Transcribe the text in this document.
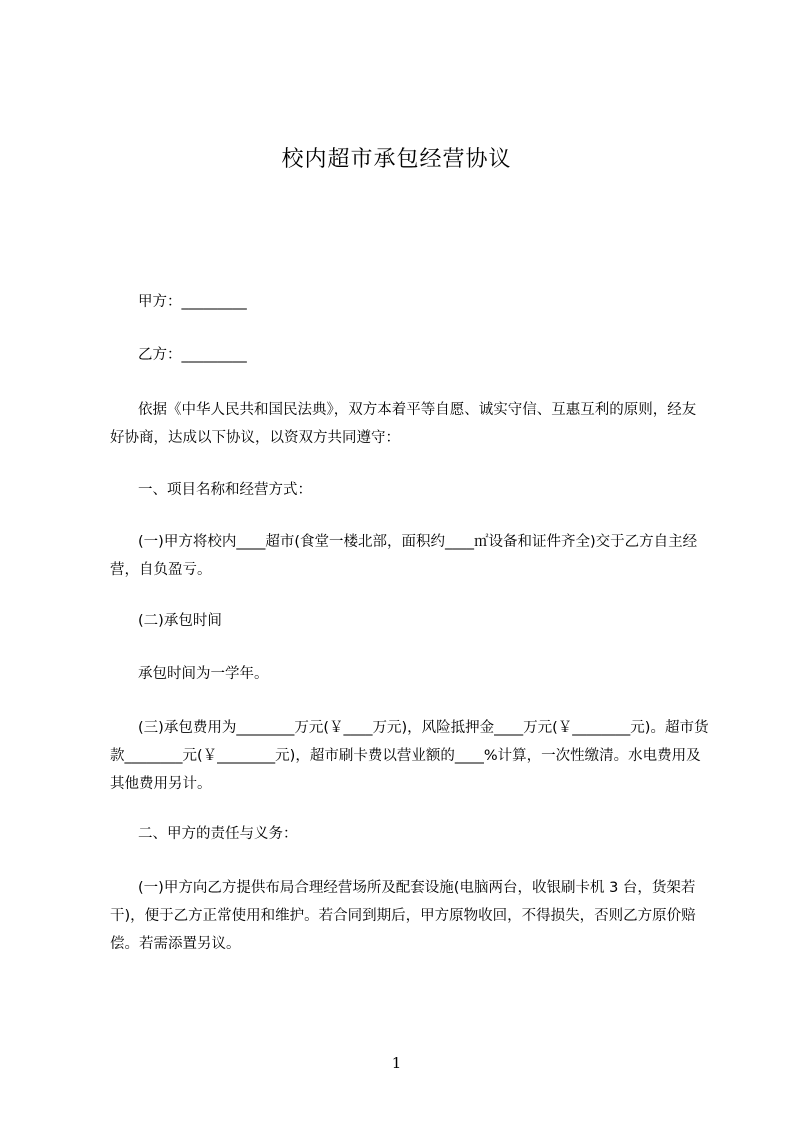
校内超市承包经营协议
甲方：_________
乙方：_________
依据《中华人民共和国民法典》，双方本着平等自愿、诚实守信、互惠互利的原则，经友好协商，达成以下协议，以资双方共同遵守：
一、项目名称和经营方式：
(一)甲方将校内____超市(食堂一楼北部，面积约____㎡设备和证件齐全)交于乙方自主经营，自负盈亏。
(二)承包时间
承包时间为一学年。
(三)承包费用为________万元(￥____万元)，风险抵押金____万元(￥________元)。超市货款________元(￥________元)，超市刷卡费以营业额的____%计算，一次性缴清。水电费用及其他费用另计。
二、甲方的责任与义务：
(一)甲方向乙方提供布局合理经营场所及配套设施(电脑两台，收银刷卡机 3 台，货架若干)，便于乙方正常使用和维护。若合同到期后，甲方原物收回，不得损失，否则乙方原价赔偿。若需添置另议。
1
